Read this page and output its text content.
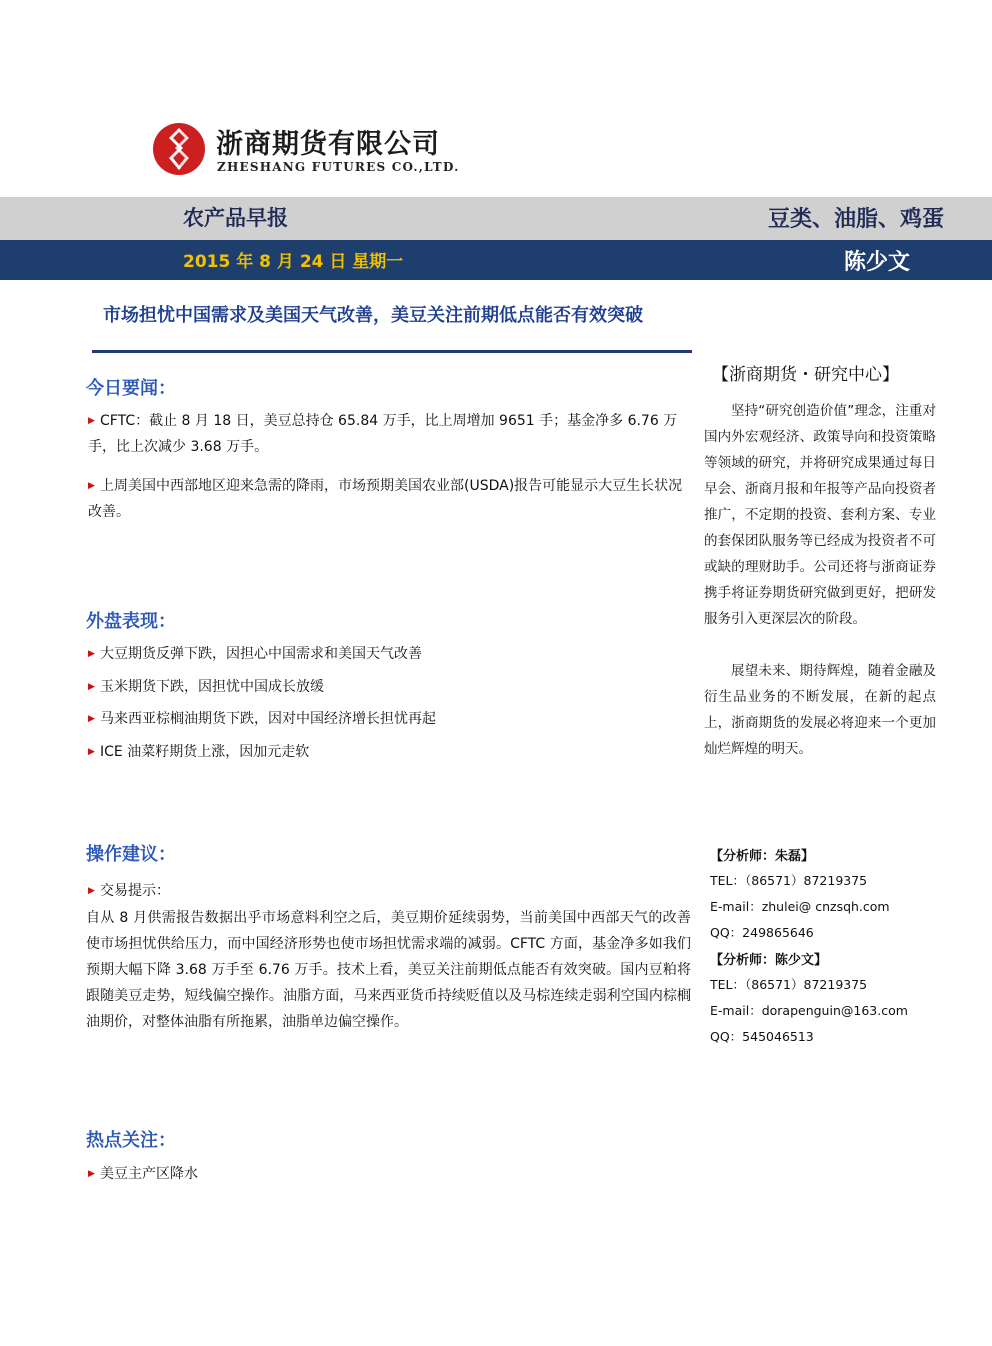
浙商期货有限公司
ZHESHANG FUTURES CO.,LTD.
农产品早报	豆类、油脂、鸡蛋
2015 年 8 月 24 日 星期一	陈少文
市场担忧中国需求及美国天气改善，美豆关注前期低点能否有效突破
今日要闻：
▶ CFTC：截止 8 月 18 日，美豆总持仓 65.84 万手，比上周增加 9651 手；基金净多 6.76 万手，比上次减少 3.68 万手。
▶ 上周美国中西部地区迎来急需的降雨，市场预期美国农业部(USDA)报告可能显示大豆生长状况改善。
外盘表现：
▶ 大豆期货反弹下跌，因担心中国需求和美国天气改善
▶ 玉米期货下跌，因担忧中国成长放缓
▶ 马来西亚棕榈油期货下跌，因对中国经济增长担忧再起
▶ ICE 油菜籽期货上涨，因加元走软
操作建议：
▶ 交易提示：
自从 8 月供需报告数据出乎市场意料利空之后，美豆期价延续弱势，当前美国中西部天气的改善使市场担忧供给压力，而中国经济形势也使市场担忧需求端的减弱。CFTC 方面，基金净多如我们预期大幅下降 3.68 万手至 6.76 万手。技术上看，美豆关注前期低点能否有效突破。国内豆粕将跟随美豆走势，短线偏空操作。油脂方面，马来西亚货币持续贬值以及马棕连续走弱利空国内棕榈油期价，对整体油脂有所拖累，油脂单边偏空操作。
热点关注：
▶ 美豆主产区降水
【浙商期货・研究中心】
坚持“研究创造价值”理念，注重对国内外宏观经济、政策导向和投资策略等领域的研究，并将研究成果通过每日早会、浙商月报和年报等产品向投资者推广，不定期的投资、套利方案、专业的套保团队服务等已经成为投资者不可或缺的理财助手。公司还将与浙商证券携手将证券期货研究做到更好，把研发服务引入更深层次的阶段。
展望未来、期待辉煌，随着金融及衍生品业务的不断发展，在新的起点上，浙商期货的发展必将迎来一个更加灿烂辉煌的明天。
【分析师：朱磊】
TEL：（86571）87219375
E-mail：zhulei@ cnzsqh.com
QQ：249865646
【分析师：陈少文】
TEL：（86571）87219375
E-mail：dorapenguin@163.com
QQ：545046513
